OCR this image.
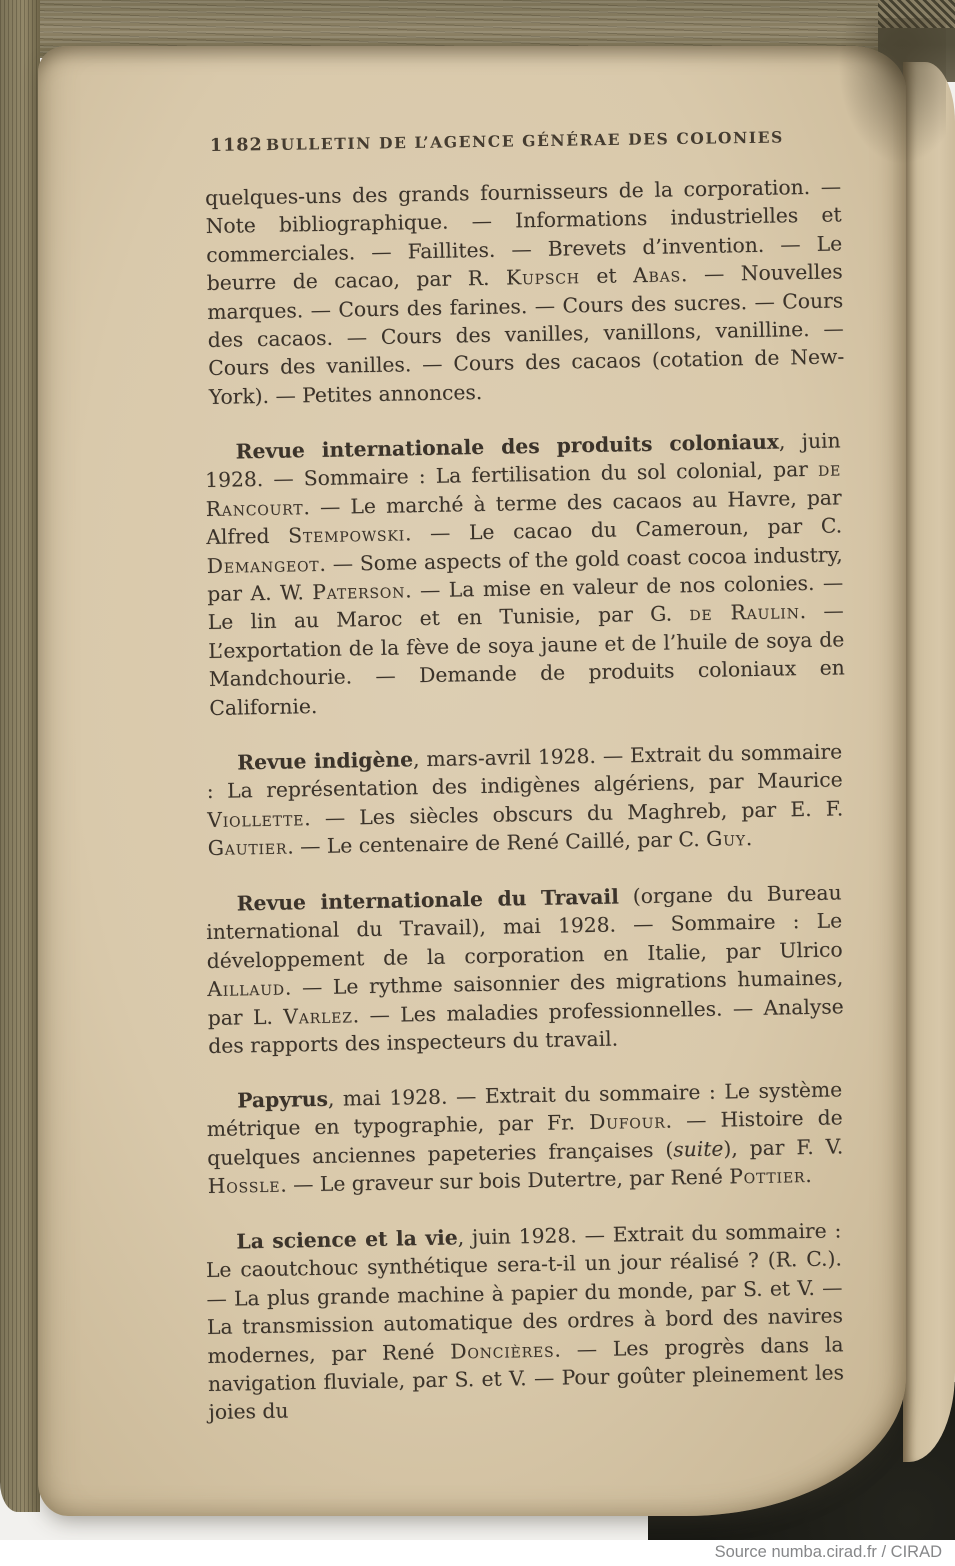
1182 BULLETIN DE L’AGENCE GÉNÉRAE DES COLONIES

quelques-uns des grands fournisseurs de la corporation. — Note bibliographique. — Informations industrielles et commerciales. — Faillites. — Brevets d’invention. — Le beurre de cacao, par R. Kupsch et Abas. — Nouvelles marques. — Cours des farines. — Cours des sucres. — Cours des cacaos. — Cours des vanilles, vanillons, vanilline. — Cours des vanilles. — Cours des cacaos (cotation de New-York). — Petites annonces.

Revue internationale des produits coloniaux, juin 1928. — Sommaire : La fertilisation du sol colonial, par de Rancourt. — Le marché à terme des cacaos au Havre, par Alfred Stempowski. — Le cacao du Cameroun, par C. Demangeot. — Some aspects of the gold coast cocoa industry, par A. W. Paterson. — La mise en valeur de nos colonies. — Le lin au Maroc et en Tunisie, par G. de Raulin. — L’exportation de la fève de soya jaune et de l’huile de soya de Mandchourie. — Demande de produits coloniaux en Californie.

Revue indigène, mars-avril 1928. — Extrait du sommaire : La représentation des indigènes algériens, par Maurice Viollette. — Les siècles obscurs du Maghreb, par E. F. Gautier. — Le centenaire de René Caillé, par C. Guy.

Revue internationale du Travail (organe du Bureau international du Travail), mai 1928. — Sommaire : Le développement de la corporation en Italie, par Ulrico Aillaud. — Le rythme saisonnier des migrations humaines, par L. Varlez. — Les maladies professionnelles. — Analyse des rapports des inspecteurs du travail.

Papyrus, mai 1928. — Extrait du sommaire : Le système métrique en typographie, par Fr. Dufour. — Histoire de quelques anciennes papeteries françaises (suite), par F. V. Hossle. — Le graveur sur bois Dutertre, par René Pottier.

La science et la vie, juin 1928. — Extrait du sommaire : Le caoutchouc synthétique sera-t-il un jour réalisé ? (R. C.). — La plus grande machine à papier du monde, par S. et V. — La transmission automatique des ordres à bord des navires modernes, par René Doncières. — Les progrès dans la navigation fluviale, par S. et V. — Pour goûter pleinement les joies du

Source numba.cirad.fr / CIRAD
